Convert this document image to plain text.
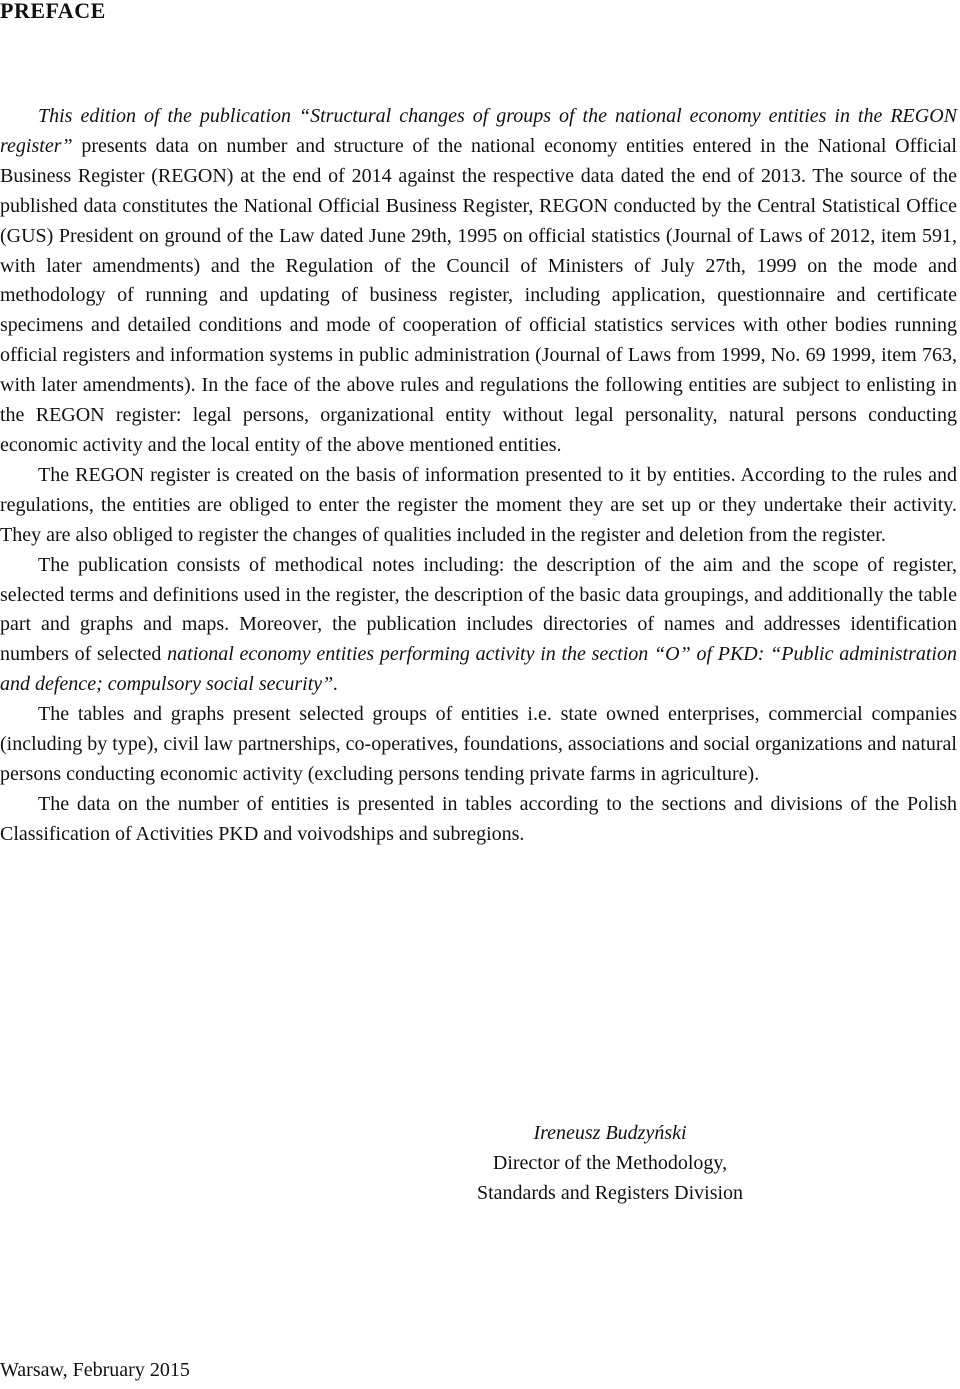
PREFACE

This edition of the publication “Structural changes of groups of the national economy entities in the REGON register” presents data on number and structure of the national economy entities entered in the National Official Business Register (REGON) at the end of 2014 against the respective data dated the end of 2013. The source of the published data constitutes the National Official Business Register, REGON conducted by the Central Statistical Office (GUS) President on ground of the Law dated June 29th, 1995 on official statistics (Journal of Laws of 2012, item 591, with later amendments) and the Regulation of the Council of Ministers of July 27th, 1999 on the mode and methodology of running and updating of business register, including application, questionnaire and certificate specimens and detailed conditions and mode of cooperation of official statistics services with other bodies running official registers and information systems in public administration (Journal of Laws from 1999, No. 69 1999, item 763, with later amendments). In the face of the above rules and regulations the following entities are subject to enlisting in the REGON register: legal persons, organizational entity without legal personality, natural persons conducting economic activity and the local entity of the above mentioned entities.

The REGON register is created on the basis of information presented to it by entities. According to the rules and regulations, the entities are obliged to enter the register the moment they are set up or they undertake their activity. They are also obliged to register the changes of qualities included in the register and deletion from the register.

The publication consists of methodical notes including: the description of the aim and the scope of register, selected terms and definitions used in the register, the description of the basic data groupings, and additionally the table part and graphs and maps. Moreover, the publication includes directories of names and addresses identification numbers of selected national economy entities performing activity in the section “O” of PKD: “Public administration and defence; compulsory social security”.

The tables and graphs present selected groups of entities i.e. state owned enterprises, commercial companies (including by type), civil law partnerships, co-operatives, foundations, associations and social organizations and natural persons conducting economic activity (excluding persons tending private farms in agriculture).

The data on the number of entities is presented in tables according to the sections and divisions of the Polish Classification of Activities PKD and voivodships and subregions.

Ireneusz Budzyński
Director of the Methodology,
Standards and Registers Division
Warsaw, February 2015
